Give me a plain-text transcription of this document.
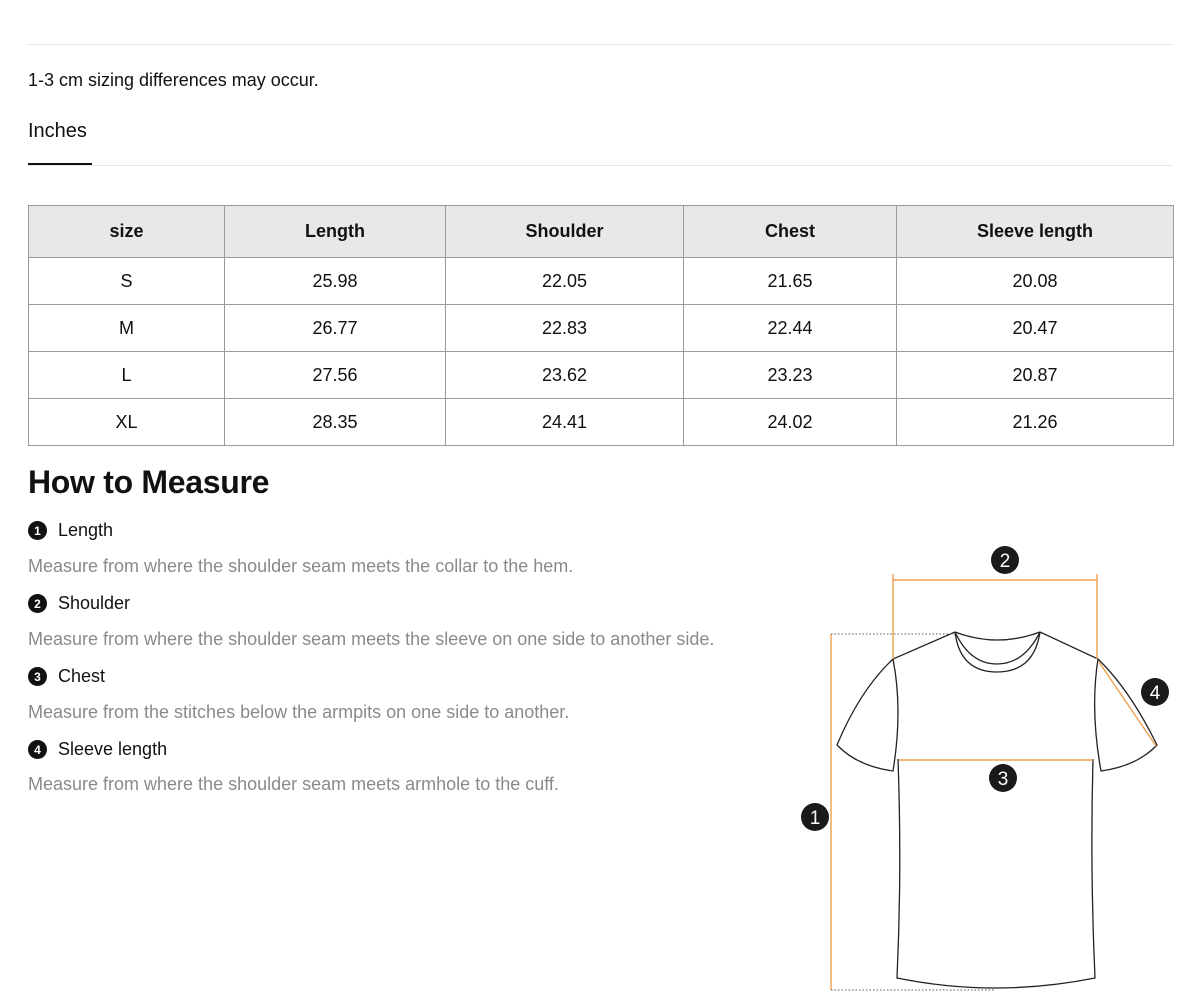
1-3 cm sizing differences may occur.
Inches
size	Length	Shoulder	Chest	Sleeve length
S	25.98	22.05	21.65	20.08
M	26.77	22.83	22.44	20.47
L	27.56	23.62	23.23	20.87
XL	28.35	24.41	24.02	21.26
How to Measure
1 Length
Measure from where the shoulder seam meets the collar to the hem.
2 Shoulder
Measure from where the shoulder seam meets the sleeve on one side to another side.
3 Chest
Measure from the stitches below the armpits on one side to another.
4 Sleeve length
Measure from where the shoulder seam meets armhole to the cuff.
1
2
3
4
